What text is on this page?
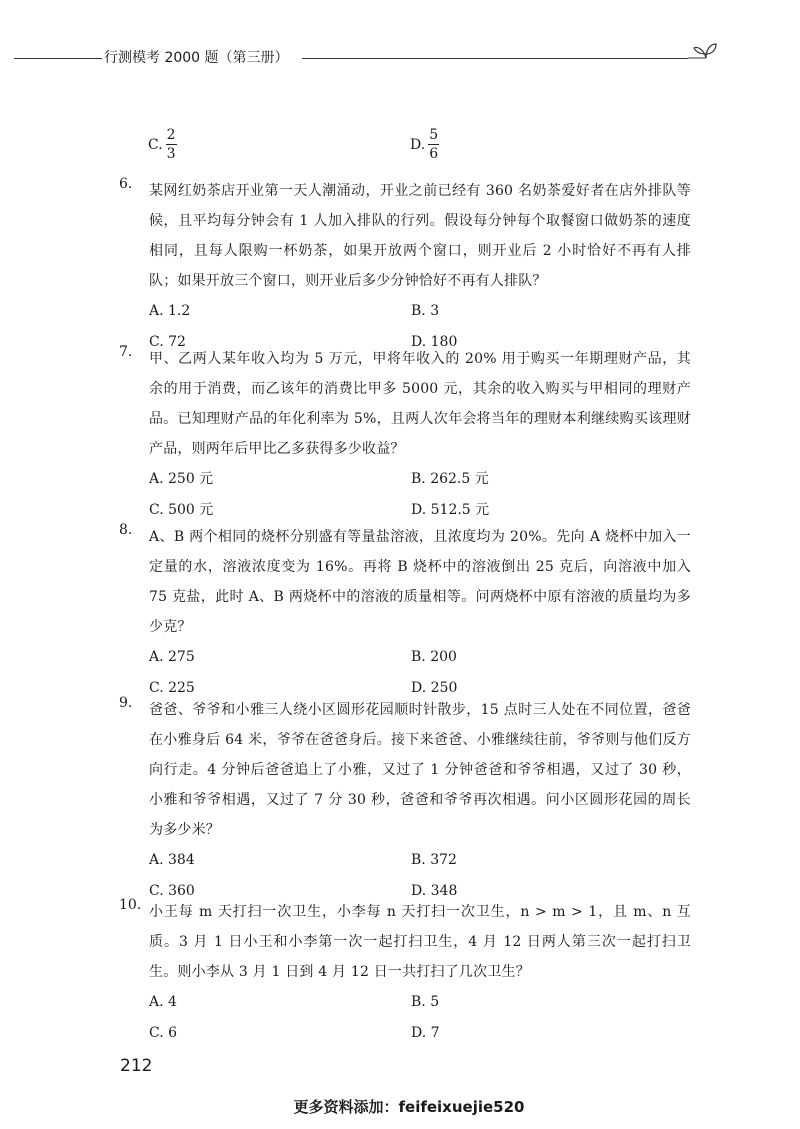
行测模考 2000 题（第三册）
C. $\frac{2}{3}$	D. $\frac{5}{6}$
6.	某网红奶茶店开业第一天人潮涌动，开业之前已经有 360 名奶茶爱好者在店外排队等候，且平均每分钟会有 1 人加入排队的行列。假设每分钟每个取餐窗口做奶茶的速度相同，且每人限购一杯奶茶，如果开放两个窗口，则开业后 2 小时恰好不再有人排队；如果开放三个窗口，则开业后多少分钟恰好不再有人排队？
A. 1.2	B. 3
C. 72	D. 180
7.	甲、乙两人某年收入均为 5 万元，甲将年收入的 20% 用于购买一年期理财产品，其余的用于消费，而乙该年的消费比甲多 5000 元，其余的收入购买与甲相同的理财产品。已知理财产品的年化利率为 5%，且两人次年会将当年的理财本利继续购买该理财产品，则两年后甲比乙多获得多少收益？
A. 250 元	B. 262.5 元
C. 500 元	D. 512.5 元
8.	A、B 两个相同的烧杯分别盛有等量盐溶液，且浓度均为 20%。先向 A 烧杯中加入一定量的水，溶液浓度变为 16%。再将 B 烧杯中的溶液倒出 25 克后，向溶液中加入 75 克盐，此时 A、B 两烧杯中的溶液的质量相等。问两烧杯中原有溶液的质量均为多少克？
A. 275	B. 200
C. 225	D. 250
9.	爸爸、爷爷和小雅三人绕小区圆形花园顺时针散步，15 点时三人处在不同位置，爸爸在小雅身后 64 米，爷爷在爸爸身后。接下来爸爸、小雅继续往前，爷爷则与他们反方向行走。4 分钟后爸爸追上了小雅，又过了 1 分钟爸爸和爷爷相遇，又过了 30 秒，小雅和爷爷相遇，又过了 7 分 30 秒，爸爸和爷爷再次相遇。问小区圆形花园的周长为多少米？
A. 384	B. 372
C. 360	D. 348
10. 小王每 m 天打扫一次卫生，小李每 n 天打扫一次卫生，n > m > 1，且 m、n 互质。3 月 1 日小王和小李第一次一起打扫卫生，4 月 12 日两人第三次一起打扫卫生。则小李从 3 月 1 日到 4 月 12 日一共打扫了几次卫生？
A. 4	B. 5
C. 6	D. 7
212
更多资料添加：feifeixuejie520
